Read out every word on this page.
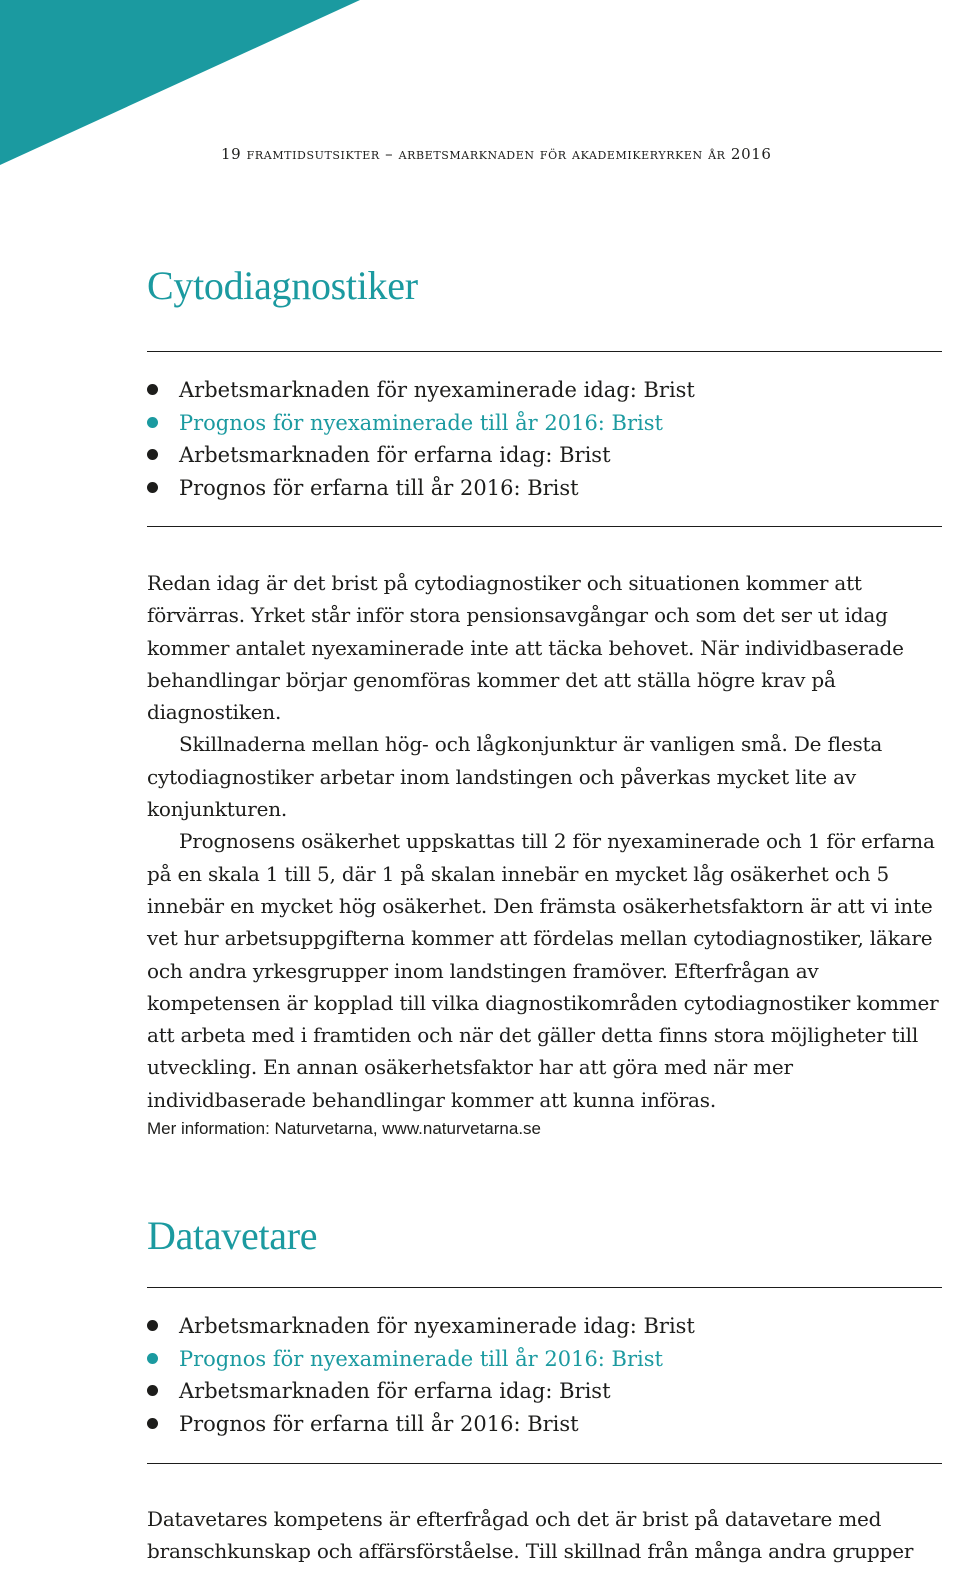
19 framtidsutsikter – arbetsmarknaden för akademikeryrken år 2016
Cytodiagnostiker
Arbetsmarknaden för nyexaminerade idag: Brist
Prognos för nyexaminerade till år 2016: Brist
Arbetsmarknaden för erfarna idag: Brist
Prognos för erfarna till år 2016: Brist

Redan idag är det brist på cytodiagnostiker och situationen kommer att förvärras. Yrket står inför stora pensionsavgångar och som det ser ut idag kommer antalet nyexaminerade inte att täcka behovet. När individbaserade behandlingar börjar genomföras kommer det att ställa högre krav på diagnostiken.

Skillnaderna mellan hög- och lågkonjunktur är vanligen små. De flesta cytodiagnostiker arbetar inom landstingen och påverkas mycket lite av konjunkturen.

Prognosens osäkerhet uppskattas till 2 för nyexaminerade och 1 för erfarna på en skala 1 till 5, där 1 på skalan innebär en mycket låg osäkerhet och 5 innebär en mycket hög osäkerhet. Den främsta osäkerhetsfaktorn är att vi inte vet hur arbetsuppgifterna kommer att fördelas mellan cytodiagnostiker, läkare och andra yrkesgrupper inom landstingen framöver. Efterfrågan av kompetensen är kopplad till vilka diagnostikområden cytodiagnostiker kommer att arbeta med i framtiden och när det gäller detta finns stora möjligheter till utveckling. En annan osäkerhetsfaktor har att göra med när mer individbaserade behandlingar kommer att kunna införas.

Mer information: Naturvetarna, www.naturvetarna.se

Datavetare
Arbetsmarknaden för nyexaminerade idag: Brist
Prognos för nyexaminerade till år 2016: Brist
Arbetsmarknaden för erfarna idag: Brist
Prognos för erfarna till år 2016: Brist

Datavetares kompetens är efterfrågad och det är brist på datavetare med branschkunskap och affärsförståelse. Till skillnad från många andra grupper
